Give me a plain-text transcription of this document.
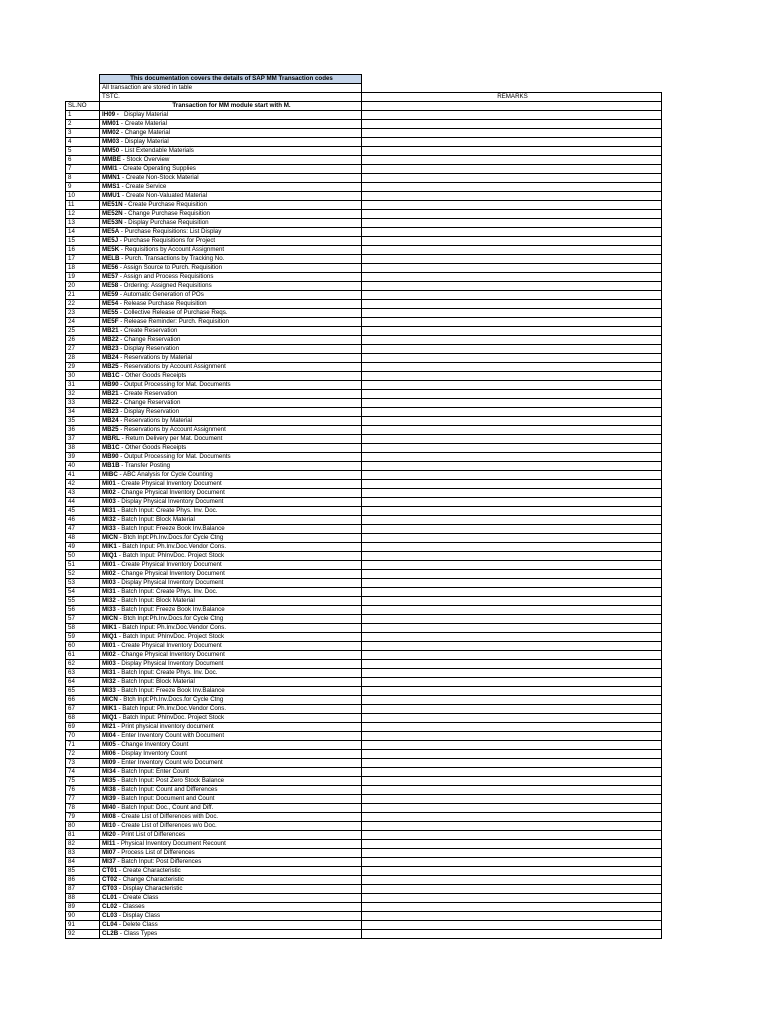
	This documentation covers the details of SAP MM Transaction codes	
	All transaction are stored in table	
	TSTC.	REMARKS
SL.NO	Transaction for MM module start with M.	
1	IH09 -   Display Material	
2	MM01 - Create Material	
3	MM02 - Change Material	
4	MM03 - Display Material	
5	MM50 - List Extendable Materials	
6	MMBE - Stock Overview	
7	MMI1 - Create Operating Supplies	
8	MMN1 - Create Non-Stock Material	
9	MMS1 - Create Service	
10	MMU1 - Create Non-Valuated Material	
11	ME51N - Create Purchase Requisition	
12	ME52N - Change Purchase Requisition	
13	ME53N - Display Purchase Requisition	
14	ME5A - Purchase Requisitions: List Display	
15	ME5J - Purchase Requisitions for Project	
16	ME5K - Requisitions by Account Assignment	
17	MELB - Purch. Transactions by Tracking No.	
18	ME56 - Assign Source to Purch. Requisition	
19	ME57 - Assign and Process Requisitions	
20	ME58 - Ordering: Assigned Requisitions	
21	ME59 - Automatic Generation of POs	
22	ME54 - Release Purchase Requisition	
23	ME55 - Collective Release of Purchase Reqs.	
24	ME5F - Release Reminder: Purch. Requisition	
25	MB21 - Create Reservation	
26	MB22 - Change Reservation	
27	MB23 - Display Reservation	
28	MB24 - Reservations by Material	
29	MB25 - Reservations by Account Assignment	
30	MB1C - Other Goods Receipts	
31	MB90 - Output Processing for Mat. Documents	
32	MB21 - Create Reservation	
33	MB22 - Change Reservation	
34	MB23 - Display Reservation	
35	MB24 - Reservations by Material	
36	MB25 - Reservations by Account Assignment	
37	MBRL - Return Delivery per Mat. Document	
38	MB1C - Other Goods Receipts	
39	MB90 - Output Processing for Mat. Documents	
40	MB1B - Transfer Posting	
41	MIBC - ABC Analysis for Cycle Counting	
42	MI01 - Create Physical Inventory Document	
43	MI02 - Change Physical Inventory Document	
44	MI03 - Display Physical Inventory Document	
45	MI31 - Batch Input: Create Phys. Inv. Doc.	
46	MI32 - Batch Input: Block Material	
47	MI33 - Batch Input: Freeze Book Inv.Balance	
48	MICN - Btch Inpt:Ph.Inv.Docs.for Cycle Ctng	
49	MIK1 - Batch Input: Ph.Inv.Doc.Vendor Cons.	
50	MIQ1 - Batch Input: PhInvDoc. Project Stock	
51	MI01 - Create Physical Inventory Document	
52	MI02 - Change Physical Inventory Document	
53	MI03 - Display Physical Inventory Document	
54	MI31 - Batch Input: Create Phys. Inv. Doc.	
55	MI32 - Batch Input: Block Material	
56	MI33 - Batch Input: Freeze Book Inv.Balance	
57	MICN - Btch Inpt:Ph.Inv.Docs.for Cycle Ctng	
58	MIK1 - Batch Input: Ph.Inv.Doc.Vendor Cons.	
59	MIQ1 - Batch Input: PhInvDoc. Project Stock	
60	MI01 - Create Physical Inventory Document	
61	MI02 - Change Physical Inventory Document	
62	MI03 - Display Physical Inventory Document	
63	MI31 - Batch Input: Create Phys. Inv. Doc.	
64	MI32 - Batch Input: Block Material	
65	MI33 - Batch Input: Freeze Book Inv.Balance	
66	MICN - Btch Inpt:Ph.Inv.Docs.for Cycle Ctng	
67	MIK1 - Batch Input: Ph.Inv.Doc.Vendor Cons.	
68	MIQ1 - Batch Input: PhInvDoc. Project Stock	
69	MI21 - Print physical inventory document	
70	MI04 - Enter Inventory Count with Document	
71	MI05 - Change Inventory Count	
72	MI06 - Display Inventory Count	
73	MI09 - Enter Inventory Count w/o Document	
74	MI34 - Batch Input: Enter Count	
75	MI35 - Batch Input: Post Zero Stock Balance	
76	MI38 - Batch Input: Count and Differences	
77	MI39 - Batch Input: Document and Count	
78	MI40 - Batch Input: Doc., Count and Diff.	
79	MI08 - Create List of Differences with Doc.	
80	MI10 - Create List of Differences w/o Doc.	
81	MI20 - Print List of Differences	
82	MI11 - Physical Inventory Document Recount	
83	MI07 - Process List of Differences	
84	MI37 - Batch Input: Post Differences	
85	CT01 - Create Characteristic	
86	CT02 - Change Characteristic	
87	CT03 - Display Characteristic	
88	CL01 - Create Class	
89	CL02 - Classes	
90	CL03 - Display Class	
91	CL04 - Delete Class	
92	CL2B - Class Types	
